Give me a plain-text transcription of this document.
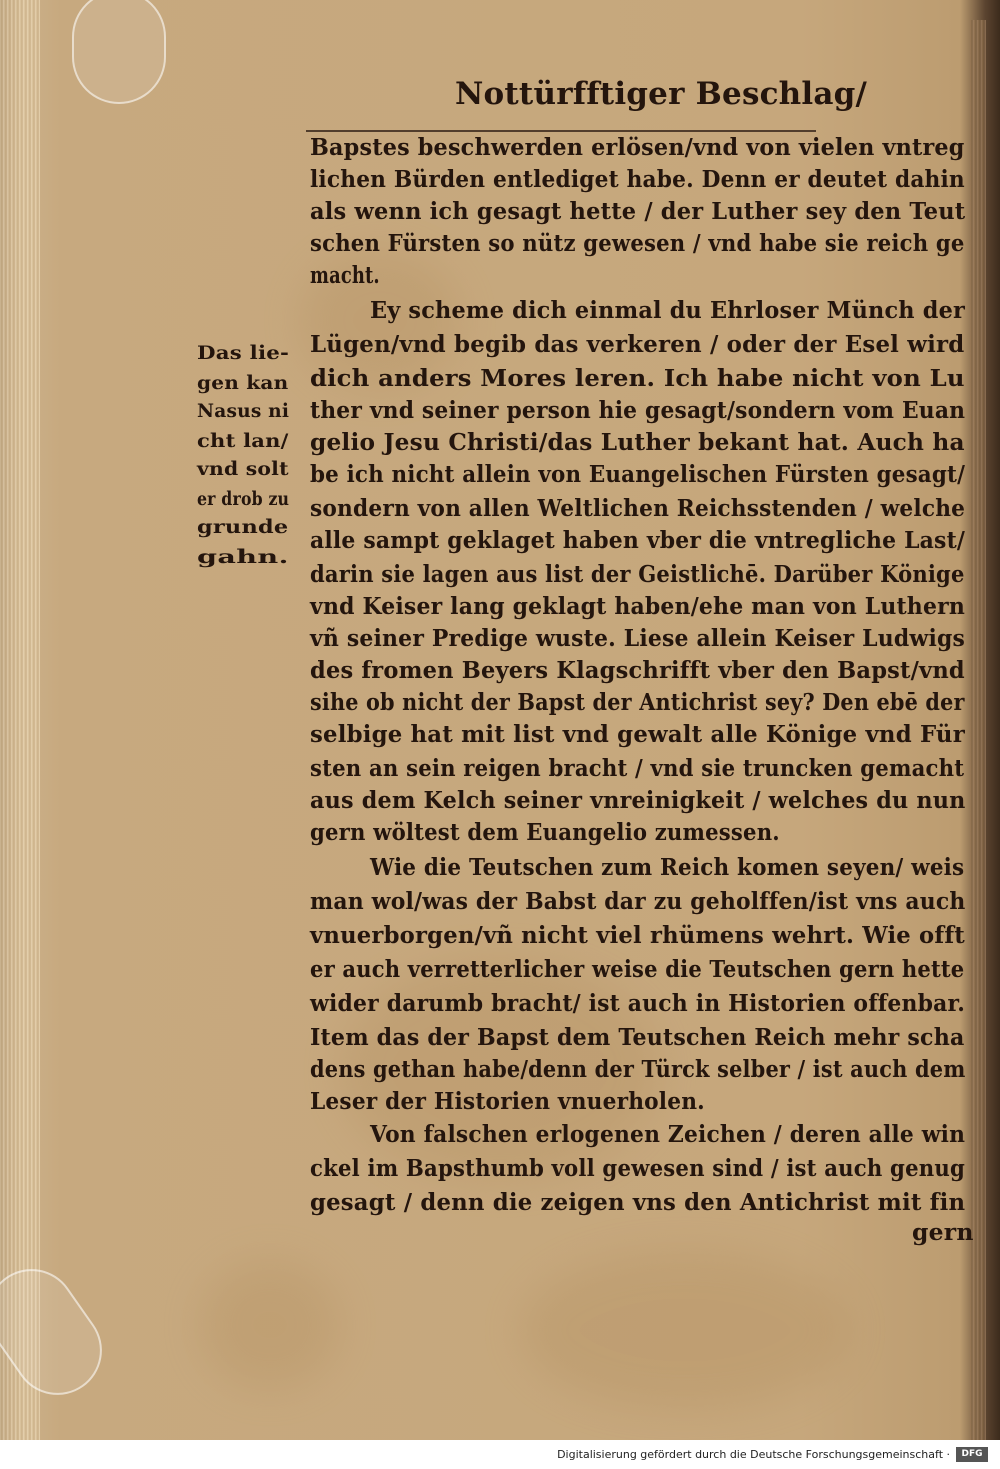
Nottürfftiger Beschlag/
Bapstes beschwerden erlösen/vnd von vielen vntreg
lichen Bürden entlediget habe. Denn er deutet dahin
als wenn ich gesagt hette / der Luther sey den Teut
schen Fürsten so nütz gewesen / vnd habe sie reich ge
macht.
Ey scheme dich einmal du Ehrloser Münch der
Lügen/vnd begib das verkeren / oder der Esel wird
dich anders Mores leren. Ich habe nicht von Lu
ther vnd seiner person hie gesagt/sondern vom Euan
gelio Jesu Christi/das Luther bekant hat. Auch ha
be ich nicht allein von Euangelischen Fürsten gesagt/
sondern von allen Weltlichen Reichsstenden / welche
alle sampt geklaget haben vber die vntregliche Last/
darin sie lagen aus list der Geistlichē. Darüber Könige
vnd Keiser lang geklagt haben/ehe man von Luthern
vñ seiner Predige wuste. Liese allein Keiser Ludwigs
des fromen Beyers Klagschrifft vber den Bapst/vnd
sihe ob nicht der Bapst der Antichrist sey? Den ebē der
selbige hat mit list vnd gewalt alle Könige vnd Für
sten an sein reigen bracht / vnd sie truncken gemacht
aus dem Kelch seiner vnreinigkeit / welches du nun
gern wöltest dem Euangelio zumessen.
Wie die Teutschen zum Reich komen seyen/ weis
man wol/was der Babst dar zu geholffen/ist vns auch
vnuerborgen/vñ nicht viel rhümens wehrt. Wie offt
er auch verretterlicher weise die Teutschen gern hette
wider darumb bracht/ ist auch in Historien offenbar.
Item das der Bapst dem Teutschen Reich mehr scha
dens gethan habe/denn der Türck selber / ist auch dem
Leser der Historien vnuerholen.
Von falschen erlogenen Zeichen / deren alle win
ckel im Bapsthumb voll gewesen sind / ist auch genug
gesagt / denn die zeigen vns den Antichrist mit fin
Das lie-
gen kan
Nasus ni
cht lan/
vnd solt
er drob zu
grunde
gahn.
gern
Digitalisierung gefördert durch die Deutsche Forschungsgemeinschaft ·	DFG
